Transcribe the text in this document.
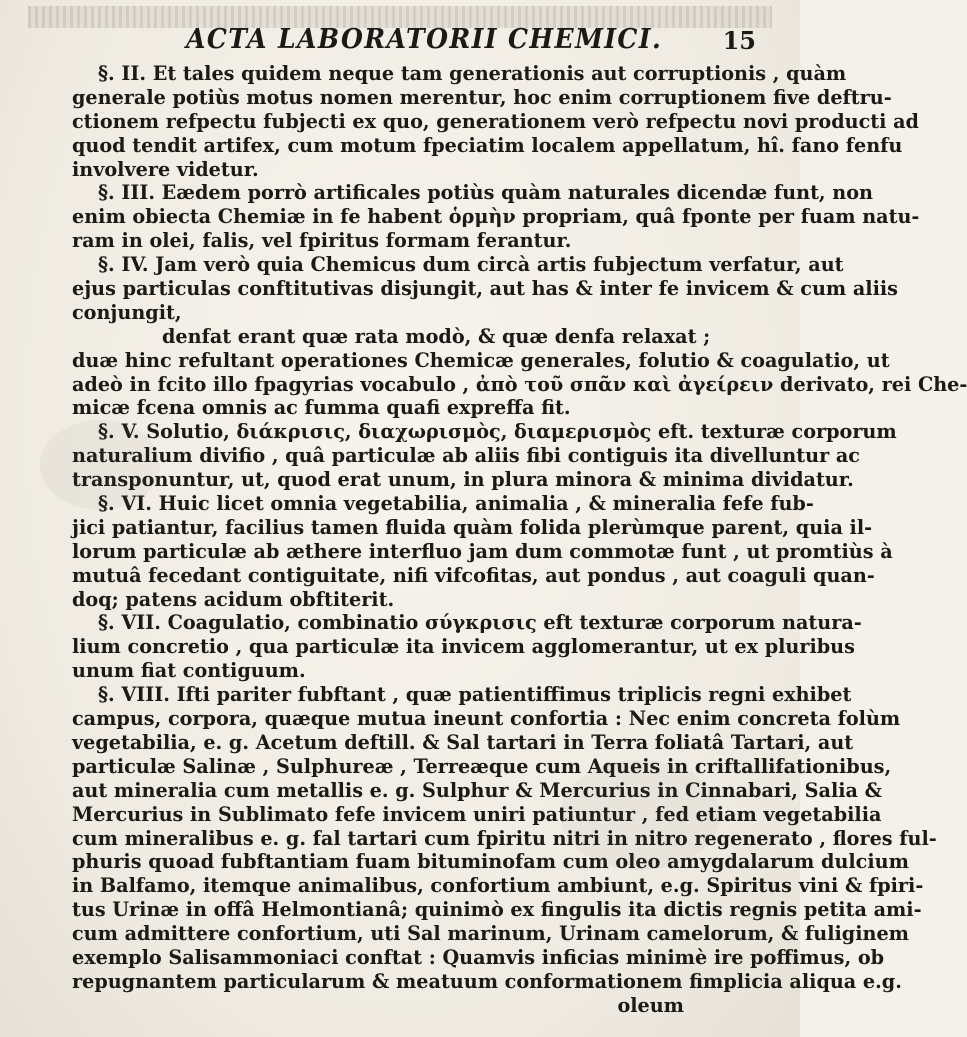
ACTA LABORATORII CHEMICI.	15
§. II. Et tales quidem neque tam generationis aut corruptionis , quàm
generale potiùs motus nomen merentur, hoc enim corruptionem five deftru-
ctionem refpectu fubjecti ex quo, generationem verò refpectu novi producti ad
quod tendit artifex, cum motum fpeciatim localem appellatum, hî. fano fenfu
involvere videtur.
§. III. Eædem porrò artificales potiùs quàm naturales dicendæ funt, non
enim obiecta Chemiæ in fe habent ὁρμὴν propriam, quâ fponte per fuam natu-
ram in olei, falis, vel fpiritus formam ferantur.
§. IV. Jam verò quia Chemicus dum circà artis fubjectum verfatur, aut
ejus particulas conftitutivas disjungit, aut has & inter fe invicem & cum aliis
conjungit,
denfat erant quæ rata modò, & quæ denfa relaxat ;
duæ hinc refultant operationes Chemicæ generales, folutio & coagulatio, ut
adeò in fcito illo fpagyrias vocabulo , ἀπὸ τοῦ σπᾶν καὶ ἀγείρειν derivato, rei Che-
micæ fcena omnis ac fumma quafi expreffa fit.
§. V. Solutio, διάκρισις, διαχωρισμὸς, διαμερισμὸς eft. texturæ corporum
naturalium divifio , quâ particulæ ab aliis fibi contiguis ita divelluntur ac
transponuntur, ut, quod erat unum, in plura minora & minima dividatur.
§. VI. Huic licet omnia vegetabilia, animalia , & mineralia fefe fub-
jici patiantur, facilius tamen fluida quàm folida plerùmque parent, quia il-
lorum particulæ ab æthere interfluo jam dum commotæ funt , ut promtiùs à
mutuâ fecedant contiguitate, nifi vifcofitas, aut pondus , aut coaguli quan-
doq; patens acidum obftiterit.
§. VII. Coagulatio, combinatio σύγκρισις eft texturæ corporum natura-
lium concretio , qua particulæ ita invicem agglomerantur, ut ex pluribus
unum fiat contiguum.
§. VIII. Ifti pariter fubftant , quæ patientiffimus triplicis regni exhibet
campus, corpora, quæque mutua ineunt confortia : Nec enim concreta folùm
vegetabilia, e. g. Acetum deftill. & Sal tartari in Terra foliatâ Tartari, aut
particulæ Salinæ , Sulphureæ , Terreæque cum Aqueis in criftallifationibus,
aut mineralia cum metallis e. g. Sulphur & Mercurius in Cinnabari, Salia &
Mercurius in Sublimato fefe invicem uniri patiuntur , fed etiam vegetabilia
cum mineralibus e. g. fal tartari cum fpiritu nitri in nitro regenerato , flores ful-
phuris quoad fubftantiam fuam bituminofam cum oleo amygdalarum dulcium
in Balfamo, itemque animalibus, confortium ambiunt, e.g. Spiritus vini & fpiri-
tus Urinæ in offâ Helmontianâ; quinimò ex fingulis ita dictis regnis petita ami-
cum admittere confortium, uti Sal marinum, Urinam camelorum, & fuliginem
exemplo Salisammoniaci conftat : Quamvis inficias minimè ire poffimus, ob
repugnantem particularum & meatuum conformationem fimplicia aliqua e.g.
oleum
